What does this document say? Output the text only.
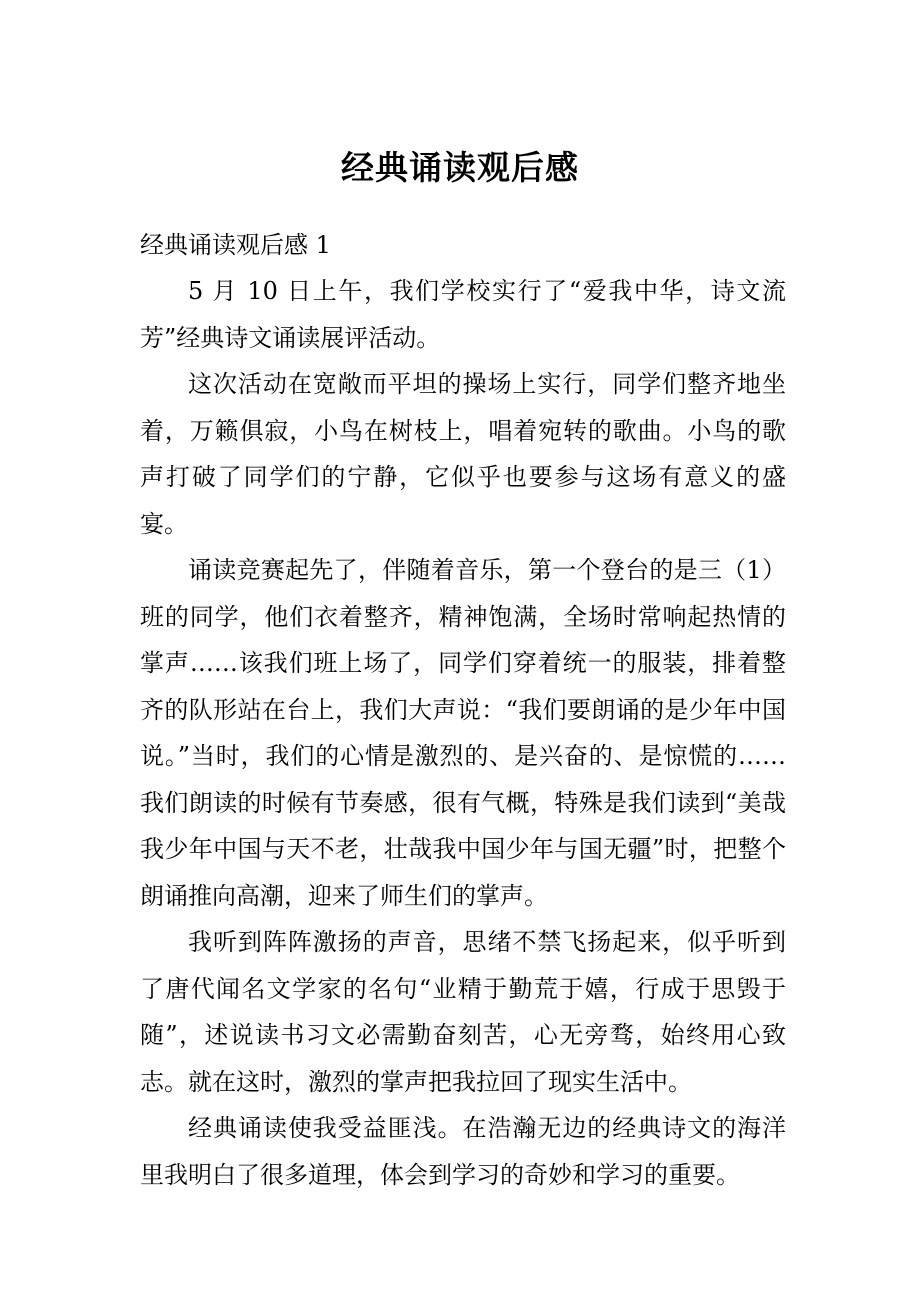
经典诵读观后感

经典诵读观后感 1

5 月 10 日上午，我们学校实行了“爱我中华，诗文流芳”经典诗文诵读展评活动。

这次活动在宽敞而平坦的操场上实行，同学们整齐地坐着，万籁俱寂，小鸟在树枝上，唱着宛转的歌曲。小鸟的歌声打破了同学们的宁静，它似乎也要参与这场有意义的盛宴。

诵读竞赛起先了，伴随着音乐，第一个登台的是三（1）班的同学，他们衣着整齐，精神饱满，全场时常响起热情的掌声……该我们班上场了，同学们穿着统一的服装，排着整齐的队形站在台上，我们大声说：“我们要朗诵的是少年中国说。”当时，我们的心情是激烈的、是兴奋的、是惊慌的……我们朗读的时候有节奏感，很有气概，特殊是我们读到“美哉我少年中国与天不老，壮哉我中国少年与国无疆”时，把整个朗诵推向高潮，迎来了师生们的掌声。

我听到阵阵激扬的声音，思绪不禁飞扬起来，似乎听到了唐代闻名文学家的名句“业精于勤荒于嬉，行成于思毁于随”，述说读书习文必需勤奋刻苦，心无旁骛，始终用心致志。就在这时，激烈的掌声把我拉回了现实生活中。

经典诵读使我受益匪浅。在浩瀚无边的经典诗文的海洋里我明白了很多道理，体会到学习的奇妙和学习的重要。
